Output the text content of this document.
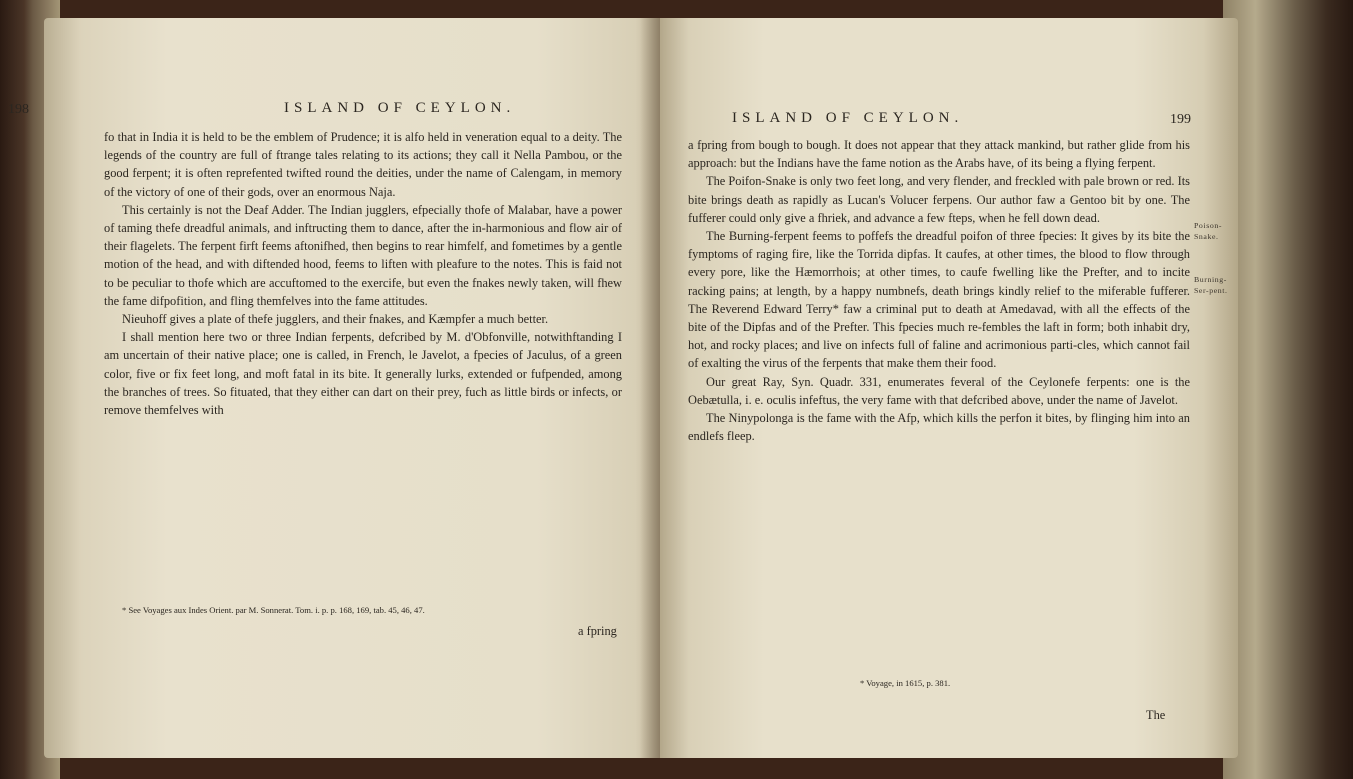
198	ISLAND OF CEYLON.

fo that in India it is held to be the emblem of Prudence; it is alfo held in veneration equal to a deity. The legends of the country are full of ftrange tales relating to its actions; they call it Nella Pambou, or the good ferpent; it is often reprefented twifted round the deities, under the name of Calengam, in memory of the victory of one of their gods, over an enormous Naja.

This certainly is not the Deaf Adder. The Indian jugglers, efpecially thofe of Malabar, have a power of taming thefe dreadful animals, and inftructing them to dance, after the in-harmonious and flow air of their flagelets. The ferpent firft feems aftonifhed, then begins to rear himfelf, and fometimes by a gentle motion of the head, and with diftended hood, feems to liften with pleafure to the notes. This is faid not to be peculiar to thofe which are accuftomed to the exercife, but even the fnakes newly taken, will fhew the fame difpofition, and fling themfelves into the fame attitudes.

Nieuhoff gives a plate of thefe jugglers, and their fnakes, and Kæmpfer a much better.

I shall mention here two or three Indian ferpents, defcribed by M. d'Obfonville, notwithftanding I am uncertain of their native place; one is called, in French, le Javelot, a fpecies of Jaculus, of a green color, five or fix feet long, and moft fatal in its bite. It generally lurks, extended or fufpended, among the branches of trees. So fituated, that they either can dart on their prey, fuch as little birds or infects, or remove themfelves with

* See Voyages aux Indes Orient. par M. Sonnerat. Tom. i. p. p. 168, 169, tab. 45, 46, 47.
a fpring
ISLAND OF CEYLON.	199

a fpring from bough to bough. It does not appear that they attack mankind, but rather glide from his approach: but the Indians have the fame notion as the Arabs have, of its being a flying ferpent.

The Poifon-Snake is only two feet long, and very flender, and freckled with pale brown or red. Its bite brings death as rapidly as Lucan's Volucer ferpens. Our author faw a Gentoo bit by one. The fufferer could only give a fhriek, and advance a few fteps, when he fell down dead.

The Burning-ferpent feems to poffefs the dreadful poifon of three fpecies: It gives by its bite the fymptoms of raging fire, like the Torrida dipfas. It caufes, at other times, the blood to flow through every pore, like the Hæmorrhois; at other times, to caufe fwelling like the Prefter, and to incite racking pains; at length, by a happy numbnefs, death brings kindly relief to the miferable fufferer. The Reverend Edward Terry* faw a criminal put to death at Amedavad, with all the effects of the bite of the Dipfas and of the Prefter. This fpecies much re-fembles the laft in form; both inhabit dry, hot, and rocky places; and live on infects full of faline and acrimonious parti-cles, which cannot fail of exalting the virus of the ferpents that make them their food.

Our great Ray, Syn. Quadr. 331, enumerates feveral of the Ceylonefe ferpents: one is the Oebætulla, i. e. oculis infeftus, the very fame with that defcribed above, under the name of Javelot.

The Ninypolonga is the fame with the Afp, which kills the perfon it bites, by flinging him into an endlefs fleep.

Poison-Snake.
Burning-Ser-pent.
* Voyage, in 1615, p. 381.
The
